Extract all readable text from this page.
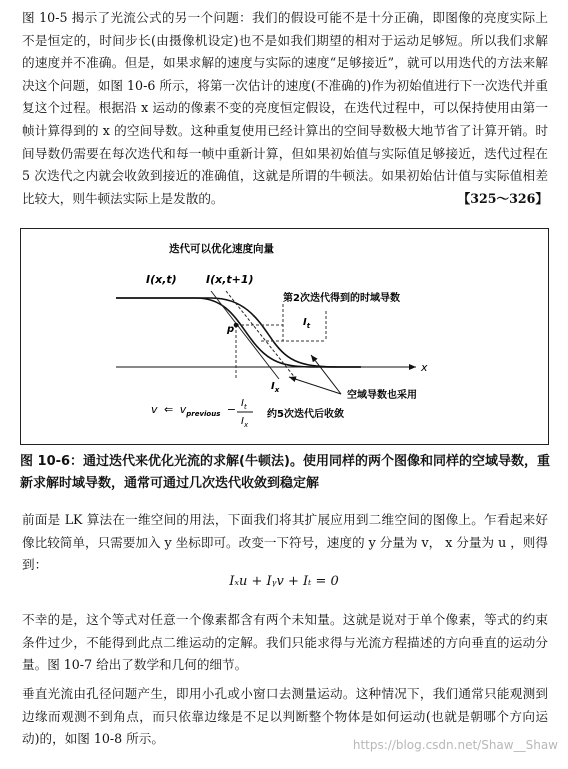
图 10-5 揭示了光流公式的另一个问题：我们的假设可能不是十分正确，即图像的亮度实际上不是恒定的，时间步长(由摄像机设定)也不是如我们期望的相对于运动足够短。所以我们求解的速度并不准确。但是，如果求解的速度与实际的速度“足够接近”，就可以用迭代的方法来解决这个问题，如图 10-6 所示，将第一次估计的速度(不准确的)作为初始值进行下一次迭代并重复这个过程。根据沿 x 运动的像素不变的亮度恒定假设，在迭代过程中，可以保持使用由第一帧计算得到的 x 的空间导数。这种重复使用已经计算出的空间导数极大地节省了计算开销。时间导数仍需要在每次迭代和每一帧中重新计算，但如果初始值与实际值足够接近，迭代过程在 5 次迭代之内就会收敛到接近的准确值，这就是所谓的牛顿法。如果初始估计值与实际值相差比较大，则牛顿法实际上是发散的。	【325～326】

迭代可以优化速度向量
I(x,t)	I(x,t+1)
x
p
第2次迭代得到的时域导数
$I_t$
$I_x$	空域导数也采用
v ⇐ $v_{previous} - I_t$
$I_x$
约5次迭代后收敛

图 10-6：通过迭代来优化光流的求解(牛顿法)。使用同样的两个图像和同样的空域导数，重新求解时域导数，通常可通过几次迭代收敛到稳定解

前面是 LK 算法在一维空间的用法，下面我们将其扩展应用到二维空间的图像上。乍看起来好像比较简单，只需要加入 y 坐标即可。改变一下符号，速度的 y 分量为 v， x 分量为 u ，则得到：

Iₓu + Iᵧv + Iₜ = 0

不幸的是，这个等式对任意一个像素都含有两个未知量。这就是说对于单个像素，等式的约束条件过少，不能得到此点二维运动的定解。我们只能求得与光流方程描述的方向垂直的运动分量。图 10-7 给出了数学和几何的细节。

垂直光流由孔径问题产生，即用小孔或小窗口去测量运动。这种情况下，我们通常只能观测到边缘而观测不到角点，而只依靠边缘是不足以判断整个物体是如何运动(也就是朝哪个方向运动)的，如图 10-8 所示。	https://blog.csdn.net/Shaw__Shaw
